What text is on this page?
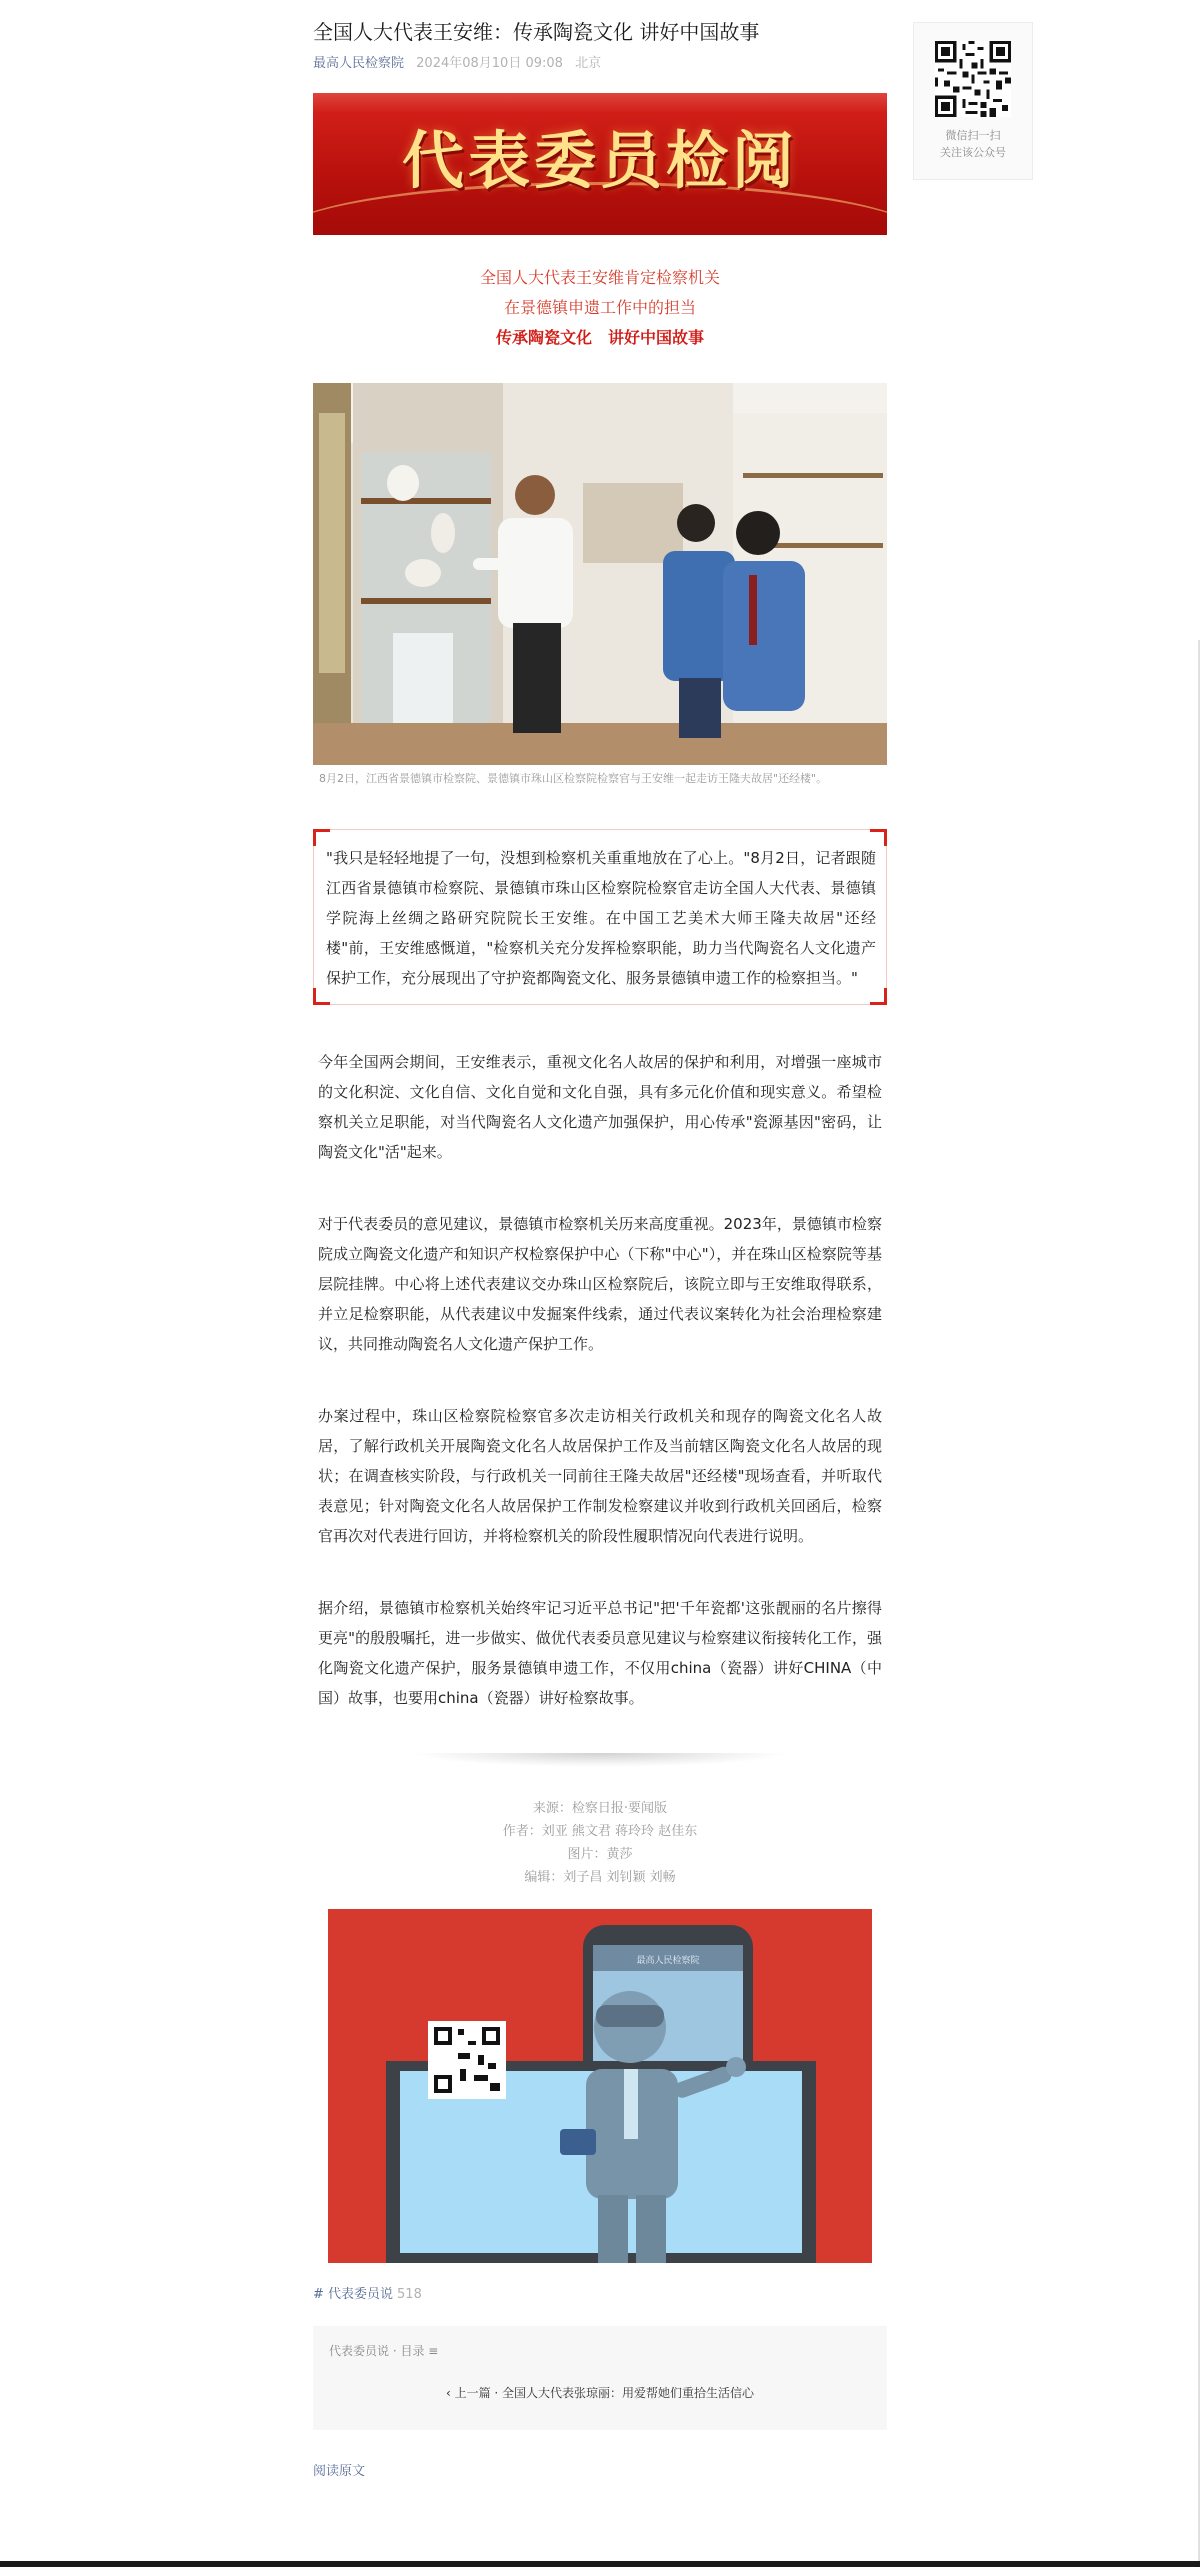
微信扫一扫
关注该公众号
全国人大代表王安维：传承陶瓷文化 讲好中国故事
最高人民检察院 2024年08月10日 09:08 北京
代表委员检阅

全国人大代表王安维肯定检察机关

在景德镇申遗工作中的担当

传承陶瓷文化　讲好中国故事

8月2日，江西省景德镇市检察院、景德镇市珠山区检察院检察官与王安维一起走访王隆夫故居"还经楼"。

"我只是轻轻地提了一句，没想到检察机关重重地放在了心上。"8月2日，记者跟随江西省景德镇市检察院、景德镇市珠山区检察院检察官走访全国人大代表、景德镇学院海上丝绸之路研究院院长王安维。在中国工艺美术大师王隆夫故居"还经楼"前，王安维感慨道，"检察机关充分发挥检察职能，助力当代陶瓷名人文化遗产保护工作，充分展现出了守护瓷都陶瓷文化、服务景德镇申遗工作的检察担当。"

今年全国两会期间，王安维表示，重视文化名人故居的保护和利用，对增强一座城市的文化积淀、文化自信、文化自觉和文化自强，具有多元化价值和现实意义。希望检察机关立足职能，对当代陶瓷名人文化遗产加强保护，用心传承"瓷源基因"密码，让陶瓷文化"活"起来。

对于代表委员的意见建议，景德镇市检察机关历来高度重视。2023年，景德镇市检察院成立陶瓷文化遗产和知识产权检察保护中心（下称"中心"），并在珠山区检察院等基层院挂牌。中心将上述代表建议交办珠山区检察院后，该院立即与王安维取得联系，并立足检察职能，从代表建议中发掘案件线索，通过代表议案转化为社会治理检察建议，共同推动陶瓷名人文化遗产保护工作。

办案过程中，珠山区检察院检察官多次走访相关行政机关和现存的陶瓷文化名人故居，了解行政机关开展陶瓷文化名人故居保护工作及当前辖区陶瓷文化名人故居的现状；在调查核实阶段，与行政机关一同前往王隆夫故居"还经楼"现场查看，并听取代表意见；针对陶瓷文化名人故居保护工作制发检察建议并收到行政机关回函后，检察官再次对代表进行回访，并将检察机关的阶段性履职情况向代表进行说明。

据介绍，景德镇市检察机关始终牢记习近平总书记"把'千年瓷都'这张靓丽的名片擦得更亮"的殷殷嘱托，进一步做实、做优代表委员意见建议与检察建议衔接转化工作，强化陶瓷文化遗产保护，服务景德镇申遗工作，不仅用china（瓷器）讲好CHINA（中国）故事，也要用china（瓷器）讲好检察故事。

来源：检察日报·要闻版
作者：刘亚 熊文君 蒋玲玲 赵佳东
图片：黄莎
编辑：刘子昌 刘钊颖 刘畅
最高人民检察院
# 代表委员说 518
代表委员说 · 目录 ≡
‹ 上一篇 · 全国人大代表张琼丽：用爱帮她们重拾生活信心
阅读原文
